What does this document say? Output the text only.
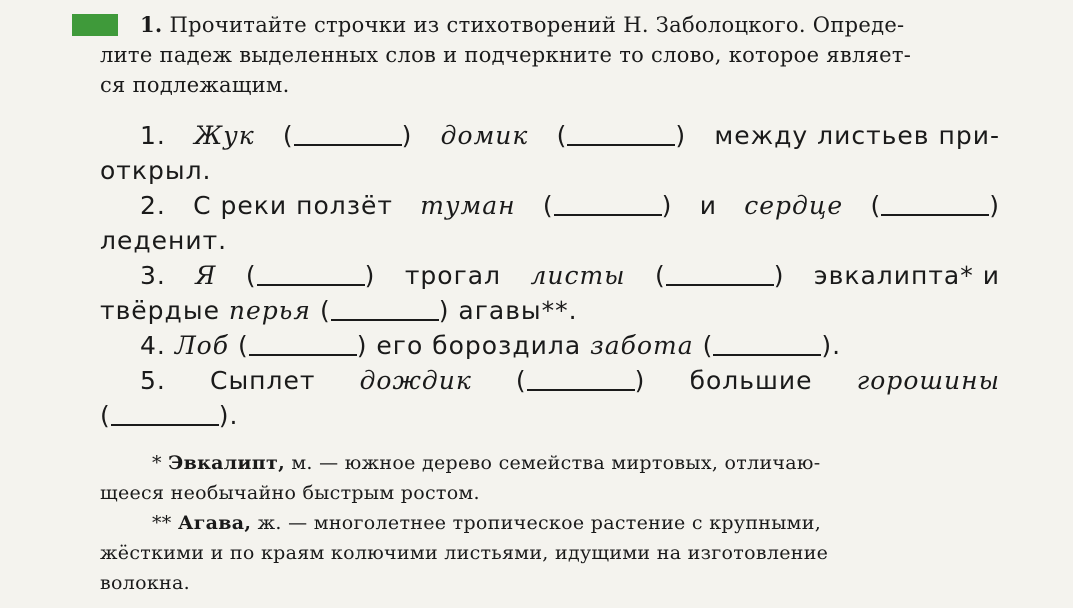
1. Прочитайте строчки из стихотворений Н. Заболоцкого. Опреде-
лите падеж выделенных слов и подчеркните то слово, которое являет-
ся подлежащим.
1. Жук (	) домик (	) между листьев при-
открыл.
2. С реки ползёт туман (	) и сердце (	)
леденит.
3. Я (	) трогал листы (	) эвкалипта* и
твёрдые перья (	) агавы**.
4. Лоб (	) его бороздила забота (	).
5. Сыплет дождик (	) большие горошины
(	).
* Эвкалипт, м. — южное дерево семейства миртовых, отличаю-
щееся необычайно быстрым ростом.
** Агава, ж. — многолетнее тропическое растение с крупными,
жёсткими и по краям колючими листьями, идущими на изготовление
волокна.
